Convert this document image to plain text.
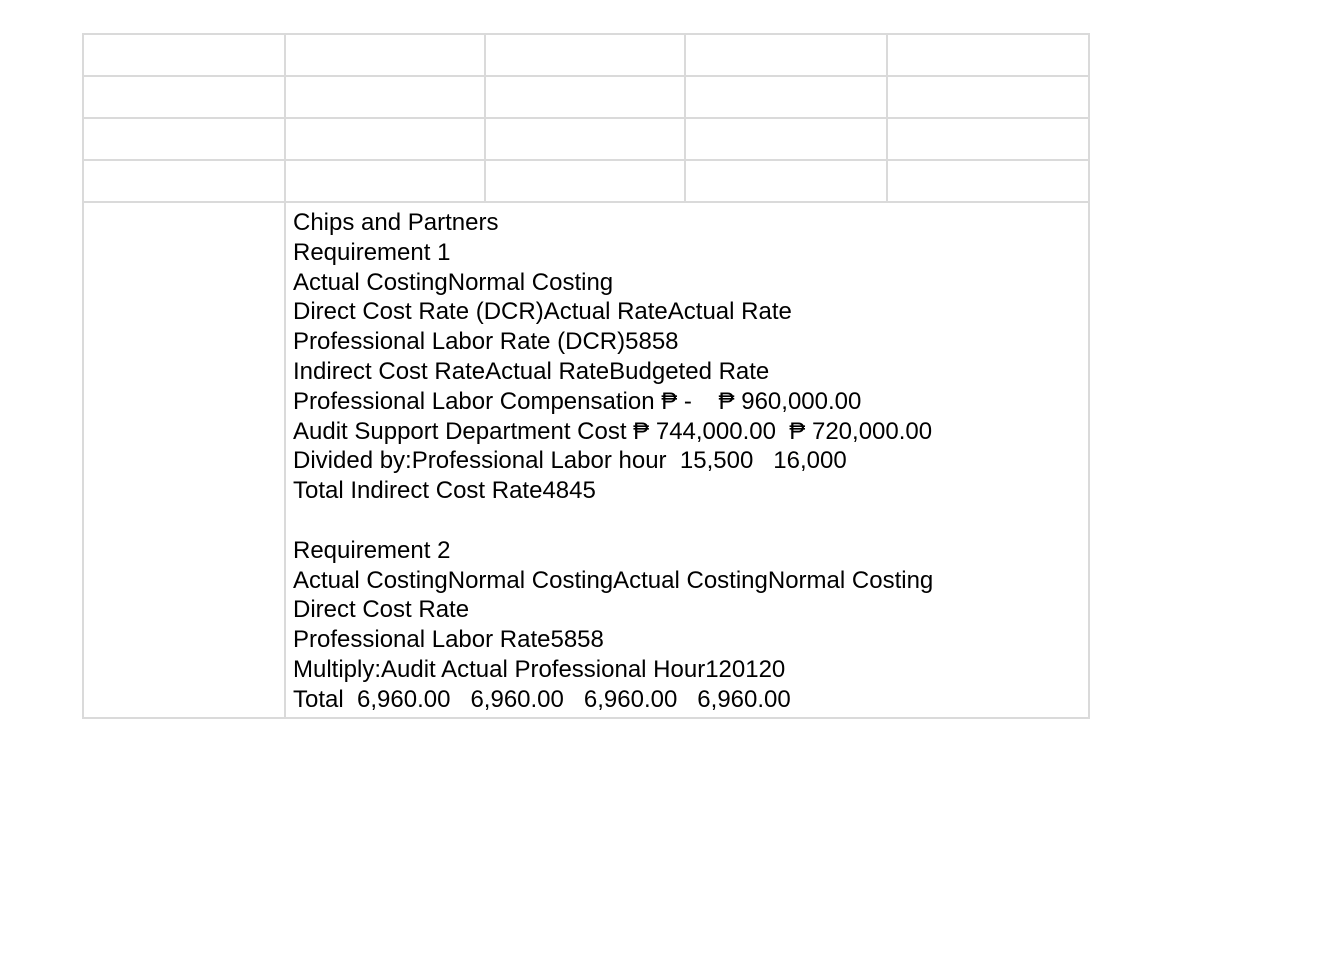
Chips and Partners
Requirement 1
Actual CostingNormal Costing
Direct Cost Rate (DCR)Actual RateActual Rate
Professional Labor Rate (DCR)5858
Indirect Cost RateActual RateBudgeted Rate
Professional Labor Compensation ₱ -    ₱ 960,000.00
Audit Support Department Cost ₱ 744,000.00  ₱ 720,000.00
Divided by:Professional Labor hour  15,500   16,000
Total Indirect Cost Rate4845
Requirement 2
Actual CostingNormal CostingActual CostingNormal Costing
Direct Cost Rate
Professional Labor Rate5858
Multiply:Audit Actual Professional Hour120120
Total  6,960.00   6,960.00   6,960.00   6,960.00
